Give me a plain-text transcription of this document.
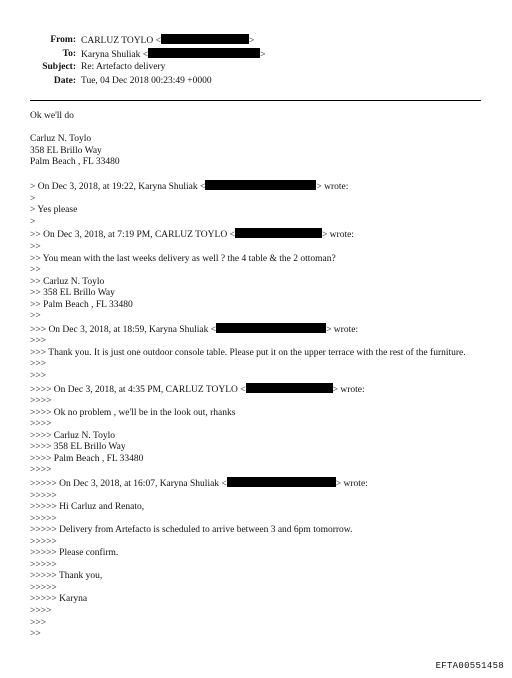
From: CARLUZ TOYLO <	>
To: Karyna Shuliak <	>
Subject: Re: Artefacto delivery
Date: Tue, 04 Dec 2018 00:23:49 +0000
Ok we'll do
Carluz N. Toylo
358 EL Brillo Way
Palm Beach , FL 33480
> On Dec 3, 2018, at 19:22, Karyna Shuliak <	> wrote:
>
> Yes please
>
>> On Dec 3, 2018, at 7:19 PM, CARLUZ TOYLO <	> wrote:
>>
>> You mean with the last weeks delivery as well ? the 4 table & the 2 ottoman?
>>
>> Carluz N. Toylo
>> 358 EL Brillo Way
>> Palm Beach , FL 33480
>>
>>> On Dec 3, 2018, at 18:59, Karyna Shuliak <	> wrote:
>>>
>>> Thank you. It is just one outdoor console table. Please put it on the upper terrace with the rest of the furniture.
>>>
>>>
>>>> On Dec 3, 2018, at 4:35 PM, CARLUZ TOYLO <	> wrote:
>>>>
>>>> Ok no problem , we'll be in the look out, rhanks
>>>>
>>>> Carluz N. Toylo
>>>> 358 EL Brillo Way
>>>> Palm Beach , FL 33480
>>>>
>>>>> On Dec 3, 2018, at 16:07, Karyna Shuliak <	> wrote:
>>>>>
>>>>> Hi Carluz and Renato,
>>>>>
>>>>> Delivery from Artefacto is scheduled to arrive between 3 and 6pm tomorrow.
>>>>>
>>>>> Please confirm.
>>>>>
>>>>> Thank you,
>>>>>
>>>>> Karyna
>>>>
>>>
>>
EFTA00551458
